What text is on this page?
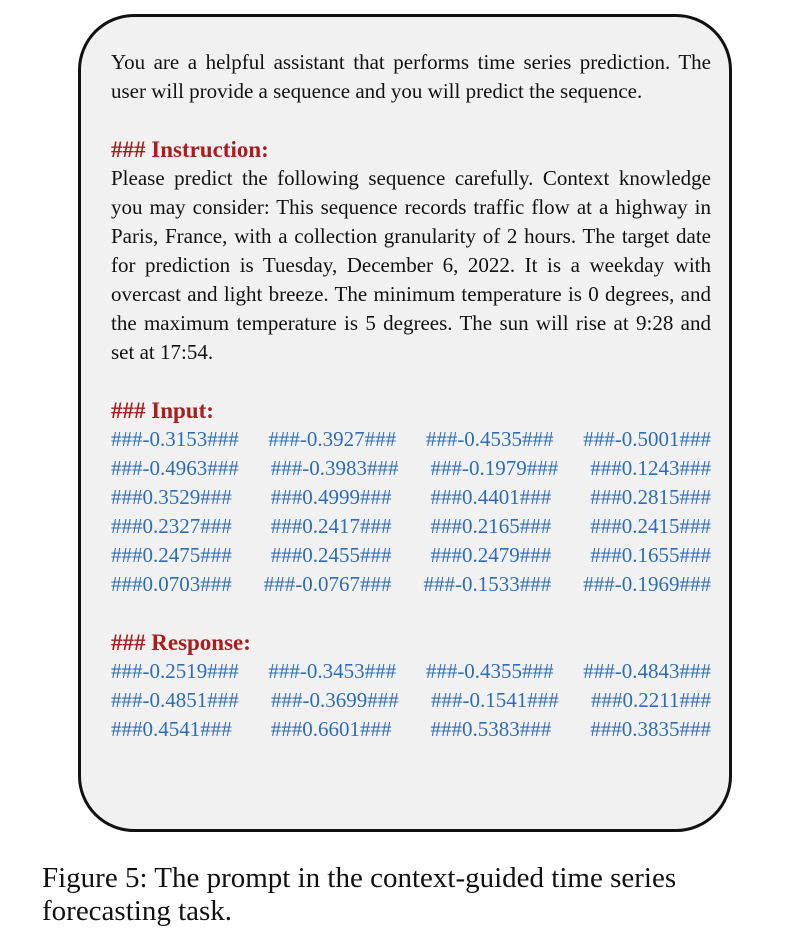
You are a helpful assistant that performs time series prediction. The user will provide a sequence and you will predict the sequence.

### Instruction:

Please predict the following sequence carefully. Context knowledge you may consider: This sequence records traffic flow at a highway in Paris, France, with a collection granularity of 2 hours. The target date for prediction is Tuesday, December 6, 2022. It is a weekday with overcast and light breeze. The minimum temperature is 0 degrees, and the maximum temperature is 5 degrees. The sun will rise at 9:28 and set at 17:54.

### Input:

###-0.3153### ###-0.3927### ###-0.4535### ###-0.5001###
###-0.4963### ###-0.3983### ###-0.1979### ###0.1243###
###0.3529### ###0.4999### ###0.4401### ###0.2815###
###0.2327### ###0.2417### ###0.2165### ###0.2415###
###0.2475### ###0.2455### ###0.2479### ###0.1655###
###0.0703### ###-0.0767### ###-0.1533### ###-0.1969###

### Response:

###-0.2519### ###-0.3453### ###-0.4355### ###-0.4843###
###-0.4851### ###-0.3699### ###-0.1541### ###0.2211###
###0.4541### ###0.6601### ###0.5383### ###0.3835###

Figure 5: The prompt in the context-guided time series forecasting task.
